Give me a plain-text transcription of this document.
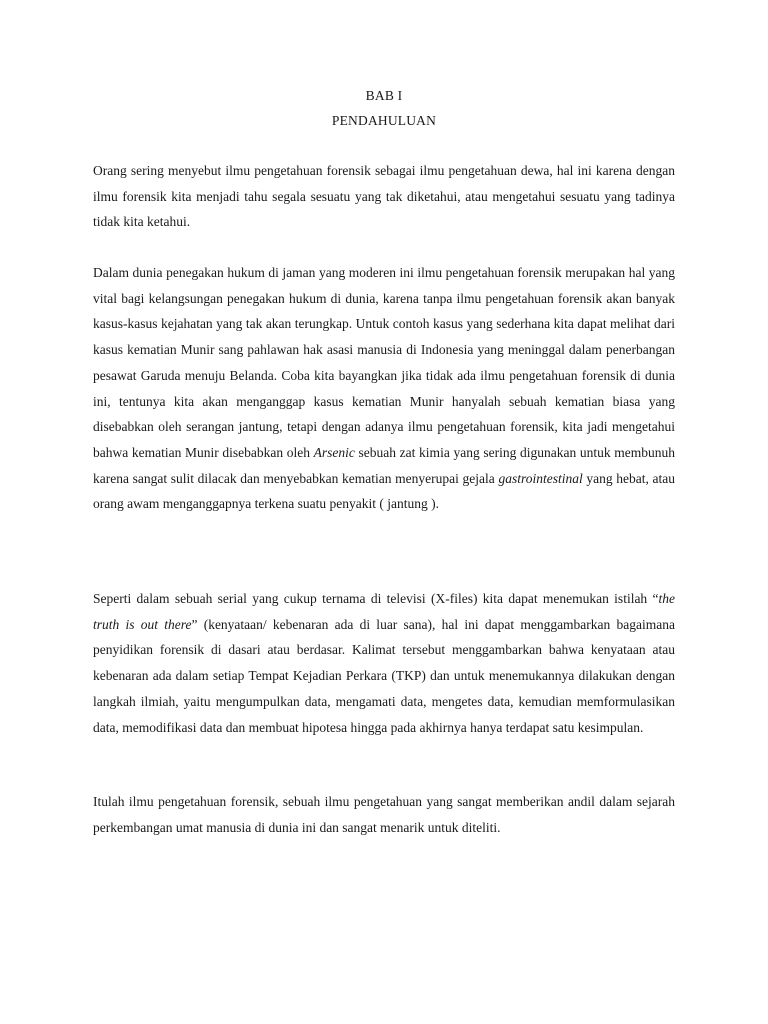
BAB I
PENDAHULUAN

Orang sering menyebut ilmu pengetahuan forensik sebagai ilmu pengetahuan dewa, hal ini karena dengan ilmu forensik kita menjadi tahu segala sesuatu yang tak diketahui, atau mengetahui sesuatu yang tadinya tidak kita ketahui.

Dalam dunia penegakan hukum di jaman yang moderen ini ilmu pengetahuan forensik merupakan hal yang vital bagi kelangsungan penegakan hukum di dunia, karena tanpa ilmu pengetahuan forensik akan banyak kasus-kasus kejahatan yang tak akan terungkap. Untuk contoh kasus yang sederhana kita dapat melihat dari kasus kematian Munir sang pahlawan hak asasi manusia di Indonesia yang meninggal dalam penerbangan pesawat Garuda menuju Belanda. Coba kita bayangkan jika tidak ada ilmu pengetahuan forensik di dunia ini, tentunya kita akan menganggap kasus kematian Munir hanyalah sebuah kematian biasa yang disebabkan oleh serangan jantung, tetapi dengan adanya ilmu pengetahuan forensik, kita jadi mengetahui bahwa kematian Munir disebabkan oleh Arsenic sebuah zat kimia yang sering digunakan untuk membunuh karena sangat sulit dilacak dan menyebabkan kematian menyerupai gejala gastrointestinal yang hebat, atau orang awam menganggapnya terkena suatu penyakit ( jantung ).

Seperti dalam sebuah serial yang cukup ternama di televisi (X-files) kita dapat menemukan istilah “the truth is out there” (kenyataan/ kebenaran ada di luar sana), hal ini dapat menggambarkan bagaimana penyidikan forensik di dasari atau berdasar. Kalimat tersebut menggambarkan bahwa kenyataan atau kebenaran ada dalam setiap Tempat Kejadian Perkara (TKP) dan untuk menemukannya dilakukan dengan langkah ilmiah, yaitu mengumpulkan data, mengamati data, mengetes data, kemudian memformulasikan data, memodifikasi data dan membuat hipotesa hingga pada akhirnya hanya terdapat satu kesimpulan.

Itulah ilmu pengetahuan forensik, sebuah ilmu pengetahuan yang sangat memberikan andil dalam sejarah perkembangan umat manusia di dunia ini dan sangat menarik untuk diteliti.
